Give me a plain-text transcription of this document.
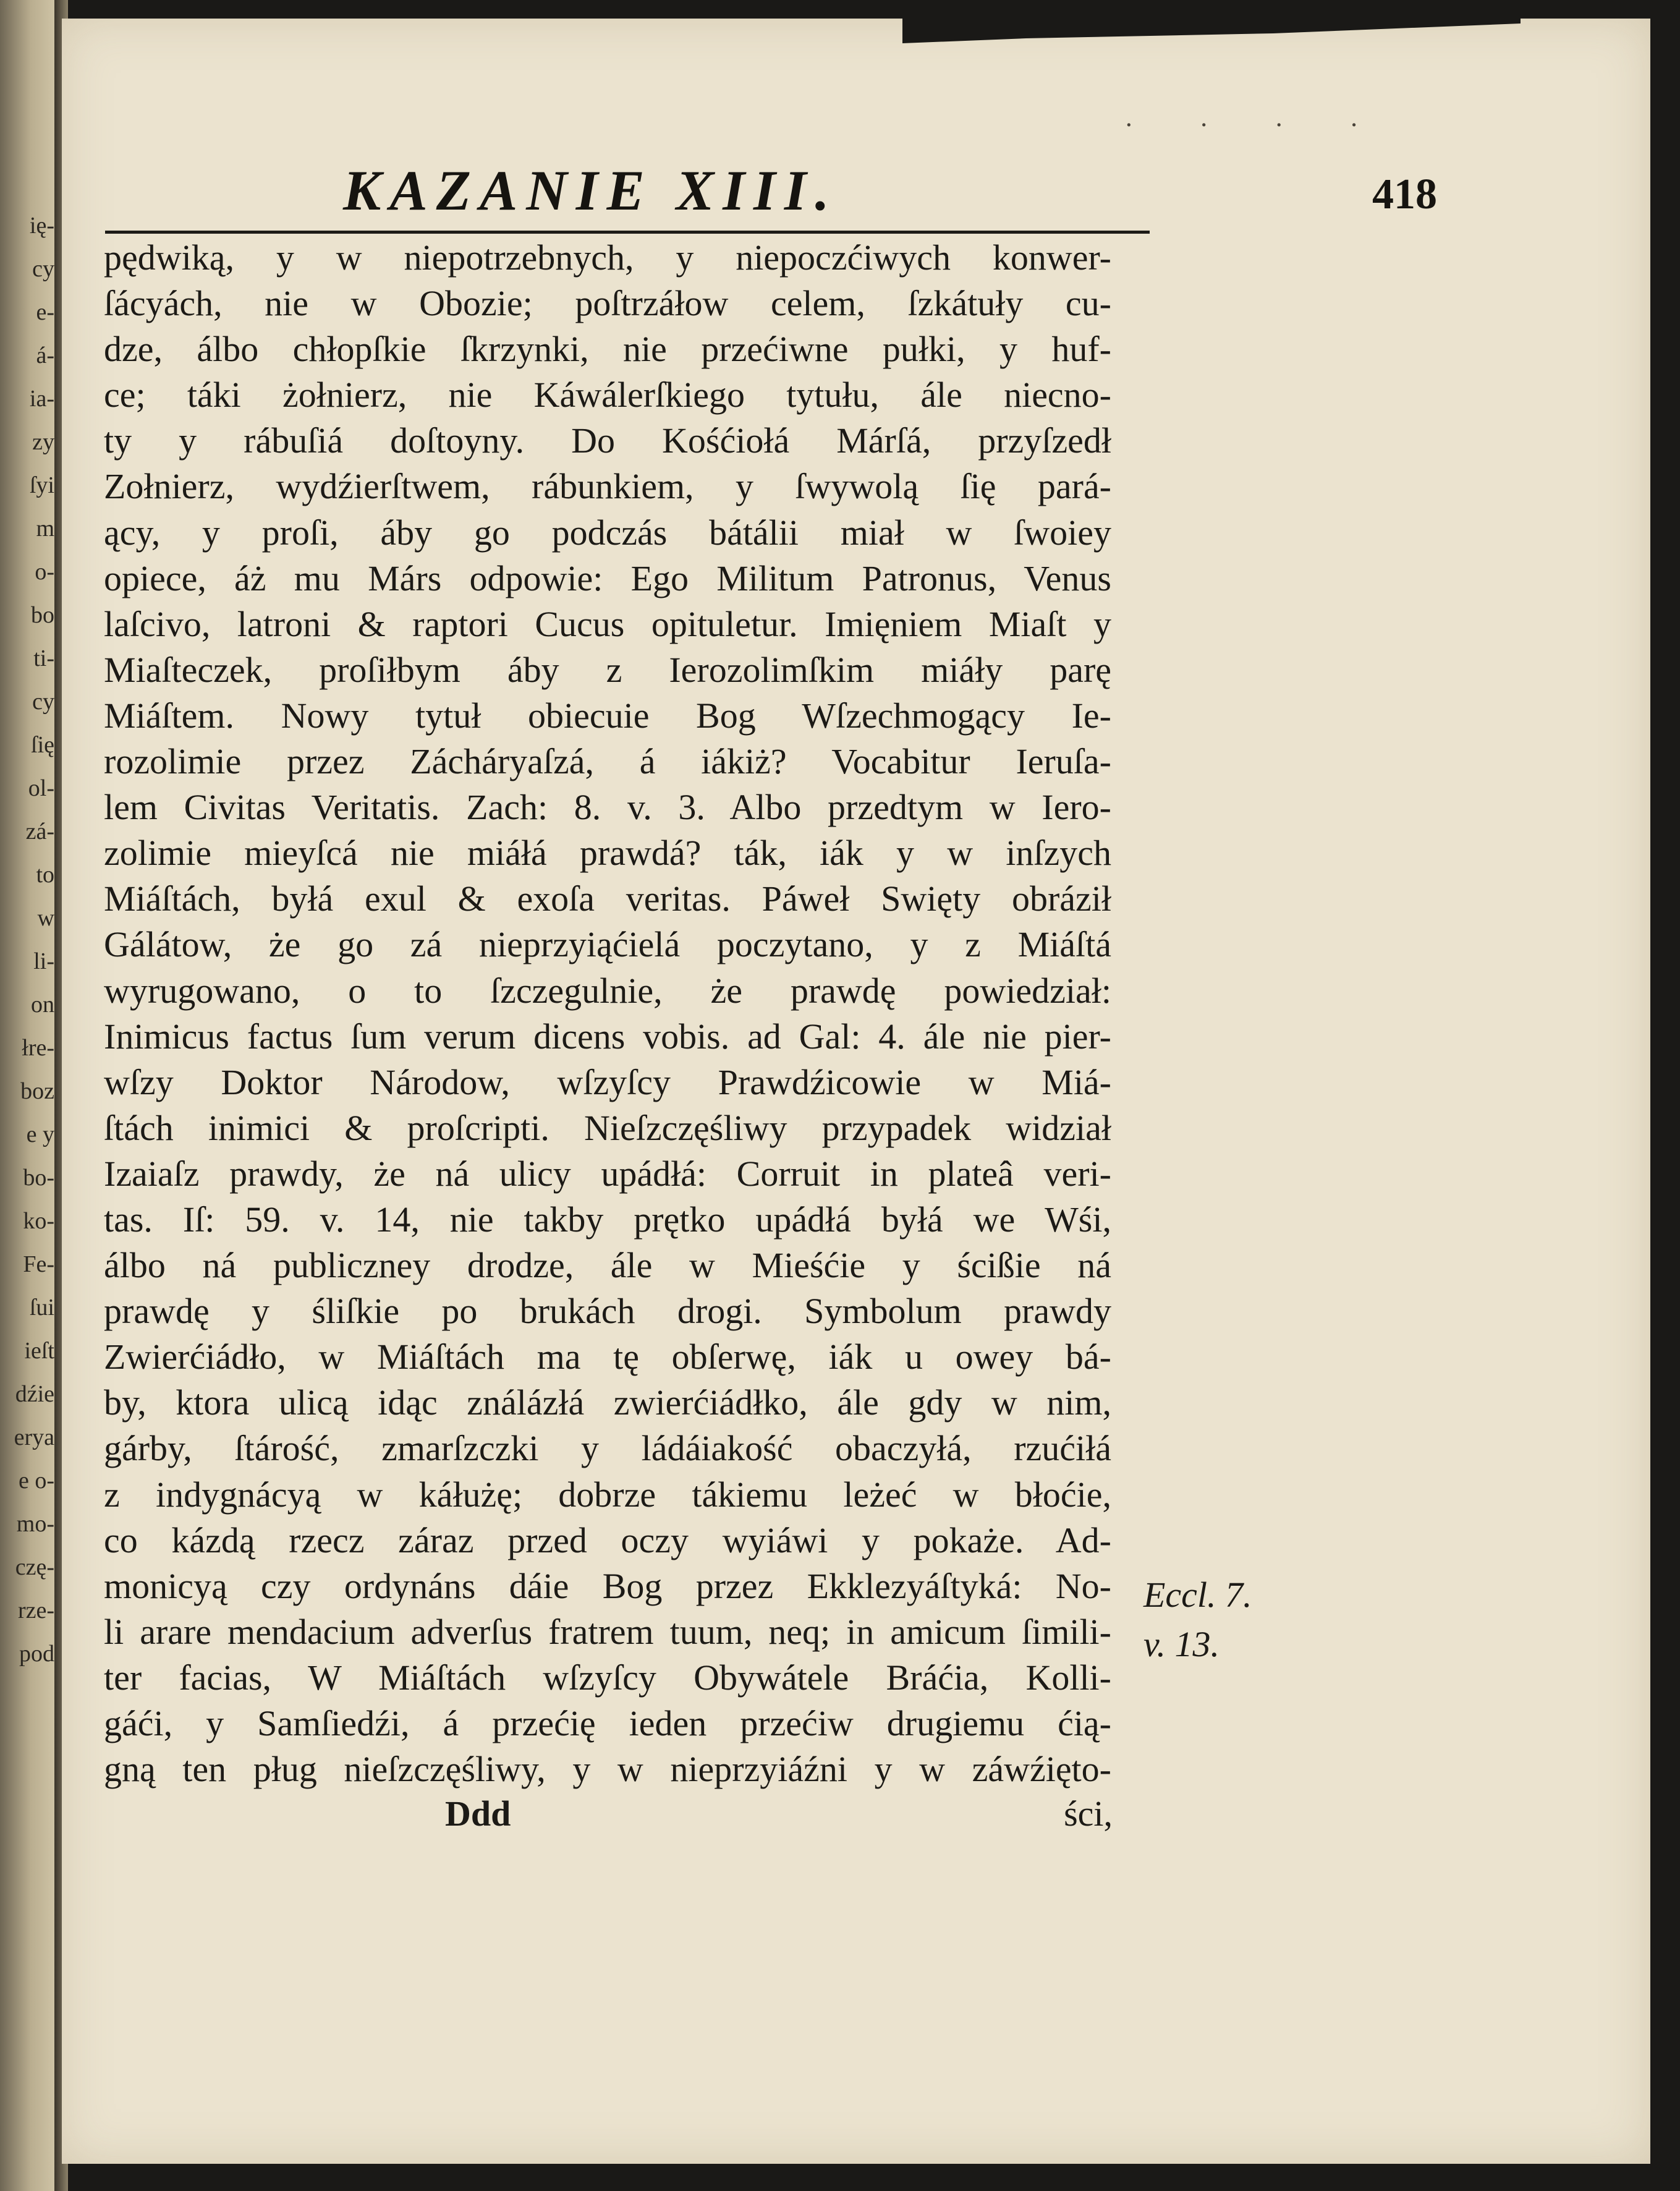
ię-
cy
e-
á-
ia-
zy
ſyi
m
o-
bo
ti-
cy
ſię
ol-
zá-
to
w
li-
on
łre-
boz
e y
bo-
ko-
Fe-
ſui
ieſt
dźie
erya
e o-
mo-
czę-
rze-
pod
· · · ·
KAZANIE XIII.	418
pędwiką, y w niepotrzebnych, y niepoczćiwych konwer-
ſácyách, nie w Obozie; poſtrzáłow celem, ſzkátuły cu-
dze, álbo chłopſkie ſkrzynki, nie przećiwne pułki, y huf-
ce; táki żołnierz, nie Káwálerſkiego tytułu, ále niecno-
ty y rábuſiá doſtoyny. Do Kośćiołá Márſá, przyſzedł
Zołnierz, wydźierſtwem, rábunkiem, y ſwywolą ſię pará-
ący, y proſi, áby go podczás bátálii miał w ſwoiey
opiece, áż mu Márs odpowie: Ego Militum Patronus, Venus
laſcivo, latroni & raptori Cucus opituletur. Imięniem Miaſt y
Miaſteczek, proſiłbym áby z Ierozolimſkim miáły parę
Miáſtem. Nowy tytuł obiecuie Bog Wſzechmogący Ie-
rozolimie przez Zácháryaſzá, á iákiż? Vocabitur Ieruſa-
lem Civitas Veritatis. Zach: 8. v. 3. Albo przedtym w Iero-
zolimie mieyſcá nie miáłá prawdá? ták, iák y w inſzych
Miáſtách, byłá exul & exoſa veritas. Páweł Swięty obráził
Gálátow, że go zá nieprzyiąćielá poczytano, y z Miáſtá
wyrugowano, o to ſzczegulnie, że prawdę powiedział:
Inimicus factus ſum verum dicens vobis. ad Gal: 4. ále nie pier-
wſzy Doktor Národow, wſzyſcy Prawdźicowie w Miá-
ſtách inimici & proſcripti. Nieſzczęśliwy przypadek widział
Izaiaſz prawdy, że ná ulicy upádłá: Corruit in plateâ veri-
tas. Iſ: 59. v. 14, nie takby prętko upádłá byłá we Wśi,
álbo ná publiczney drodze, ále w Mieśćie y ścißie ná
prawdę y śliſkie po brukách drogi. Symbolum prawdy
Zwierćiádło, w Miáſtách ma tę obſerwę, iák u owey bá-
by, ktora ulicą idąc ználázłá zwierćiádłko, ále gdy w nim,
gárby, ſtárość, zmarſzczki y ládáiakość obaczyłá, rzućiłá
z indygnácyą w káłużę; dobrze tákiemu leżeć w błoćie,
co kázdą rzecz záraz przed oczy wyiáwi y pokaże. Ad-
monicyą czy ordynáns dáie Bog przez Ekklezyáſtyká: No-
li arare mendacium adverſus fratrem tuum, neq; in amicum ſimili-
ter facias, W Miáſtách wſzyſcy Obywátele Bráćia, Kolli-
gáći, y Samſiedźi, á przećię ieden przećiw drugiemu ćią-
gną ten pług nieſzczęśliwy, y w nieprzyiáźni y w záwźięto-
Eccl. 7.
v. 13.
Ddd	ści,
